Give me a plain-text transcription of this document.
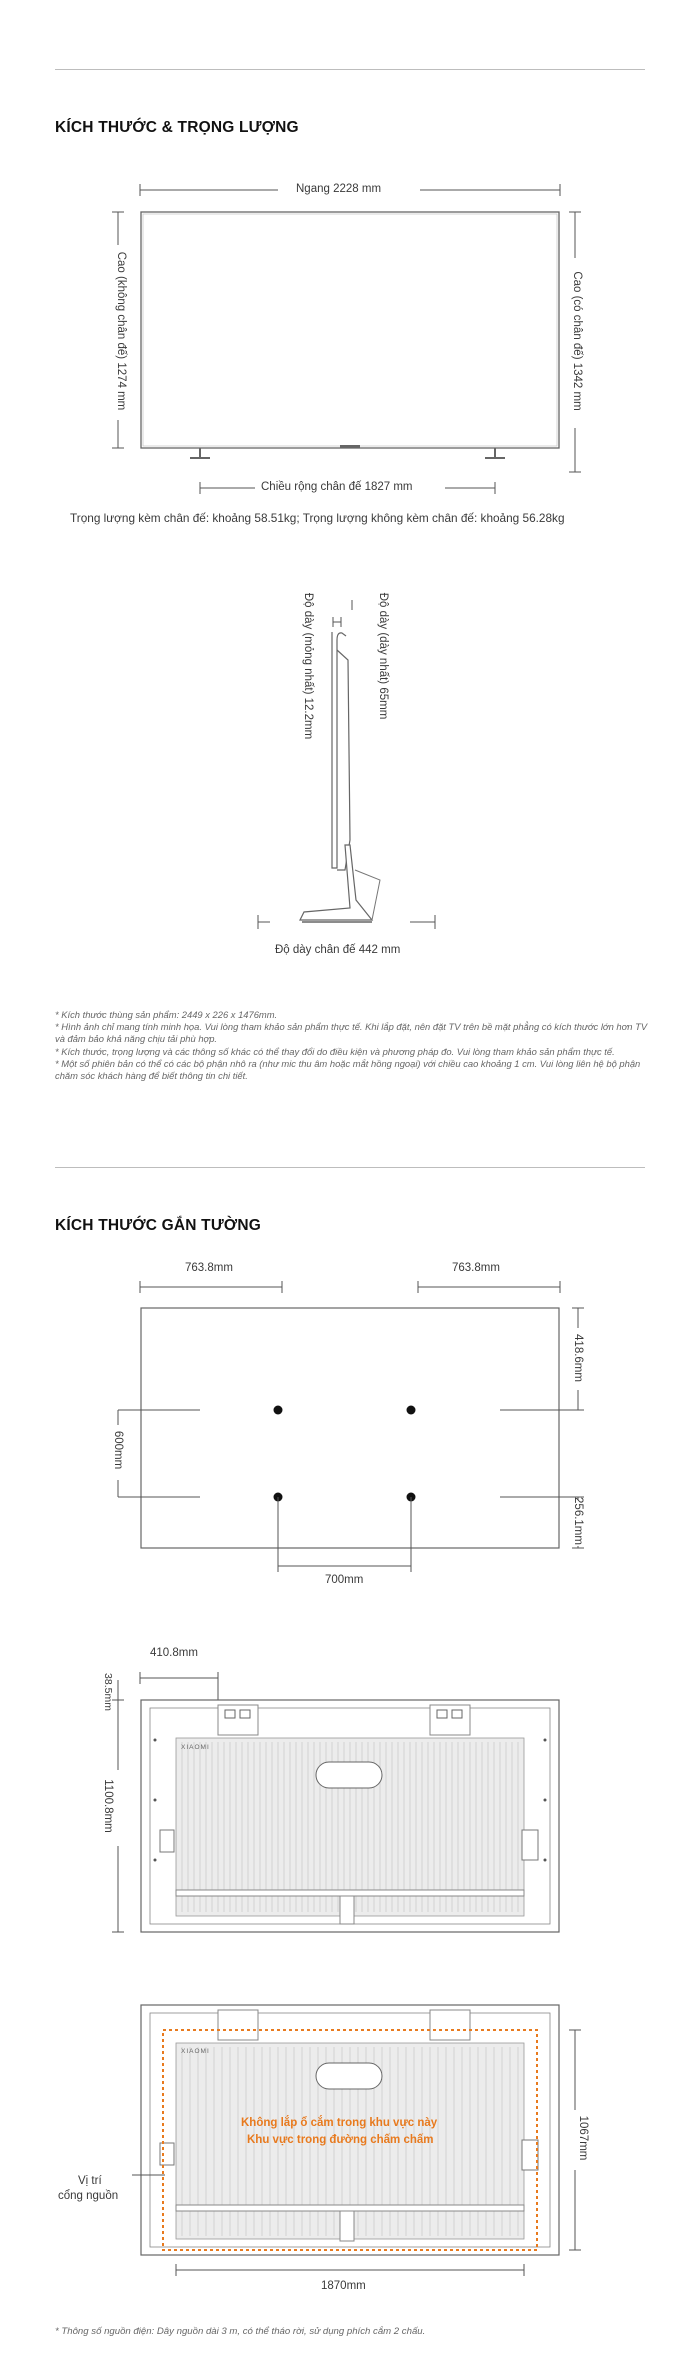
KÍCH THƯỚC & TRỌNG LƯỢNG
Ngang 2228 mm
Cao (không chân đế) 1274 mm	Cao (có chân đế) 1342 mm
Chiều rộng chân đế 1827 mm
Trọng lượng kèm chân đế: khoảng 58.51kg; Trọng lượng không kèm chân đế: khoảng 56.28kg
Độ dày (mỏng nhất) 12.2mm	Độ dày (dày nhất) 65mm
Độ dày chân đế 442 mm
* Kích thước thùng sản phẩm: 2449 x 226 x 1476mm.
* Hình ảnh chỉ mang tính minh họa. Vui lòng tham khảo sản phẩm thực tế. Khi lắp đặt, nên đặt TV trên bề mặt phẳng có kích thước lớn hơn TV và đảm bảo khả năng chịu tải phù hợp.
* Kích thước, trọng lượng và các thông số khác có thể thay đổi do điều kiện và phương pháp đo. Vui lòng tham khảo sản phẩm thực tế.
* Một số phiên bản có thể có các bộ phận nhô ra (như mic thu âm hoặc mắt hồng ngoại) với chiều cao khoảng 1 cm. Vui lòng liên hệ bộ phận chăm sóc khách hàng để biết thông tin chi tiết.
KÍCH THƯỚC GẮN TƯỜNG
763.8mm	763.8mm
600mm
418.6mm
256.1mm
700mm
410.8mm
38.5mm
1100.8mm
XIAOMI
XIAOMI
Không lắp ổ cắm trong khu vực này
Khu vực trong đường chấm chấm
Vị trí
cổng nguồn
1067mm
1870mm
* Thông số nguồn điện: Dây nguồn dài 3 m, có thể tháo rời, sử dụng phích cắm 2 chấu.
